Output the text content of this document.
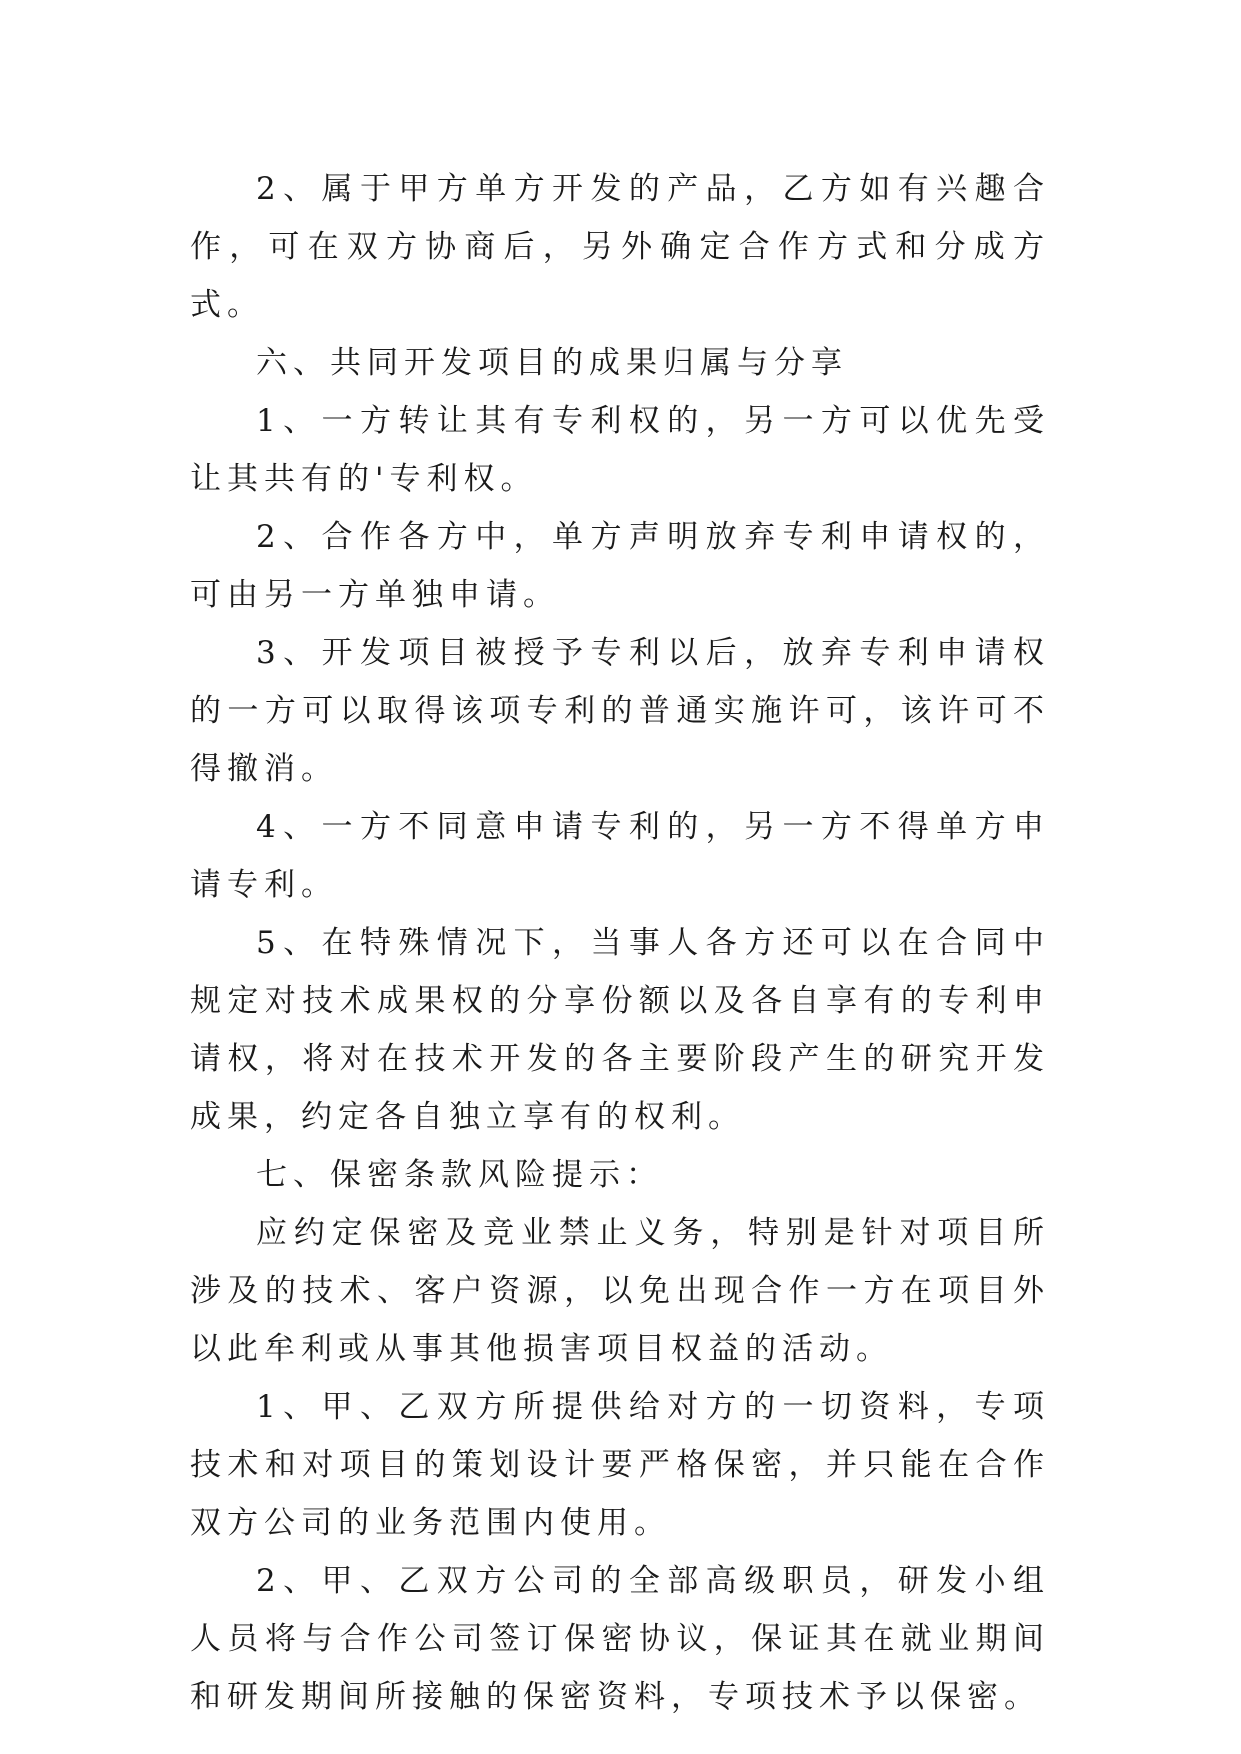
2、属于甲方单方开发的产品，乙方如有兴趣合作，可在双方协商后，另外确定合作方式和分成方式。

六、共同开发项目的成果归属与分享

1、一方转让其有专利权的，另一方可以优先受让其共有的'专利权。

2、合作各方中，单方声明放弃专利申请权的，可由另一方单独申请。

3、开发项目被授予专利以后，放弃专利申请权的一方可以取得该项专利的普通实施许可，该许可不得撤消。

4、一方不同意申请专利的，另一方不得单方申请专利。

5、在特殊情况下，当事人各方还可以在合同中规定对技术成果权的分享份额以及各自享有的专利申请权，将对在技术开发的各主要阶段产生的研究开发成果，约定各自独立享有的权利。

七、保密条款风险提示：

应约定保密及竞业禁止义务，特别是针对项目所涉及的技术、客户资源，以免出现合作一方在项目外以此牟利或从事其他损害项目权益的活动。

1、甲、乙双方所提供给对方的一切资料，专项技术和对项目的策划设计要严格保密，并只能在合作双方公司的业务范围内使用。

2、甲、乙双方公司的全部高级职员，研发小组人员将与合作公司签订保密协议，保证其在就业期间和研发期间所接触的保密资料，专项技术予以保密。
